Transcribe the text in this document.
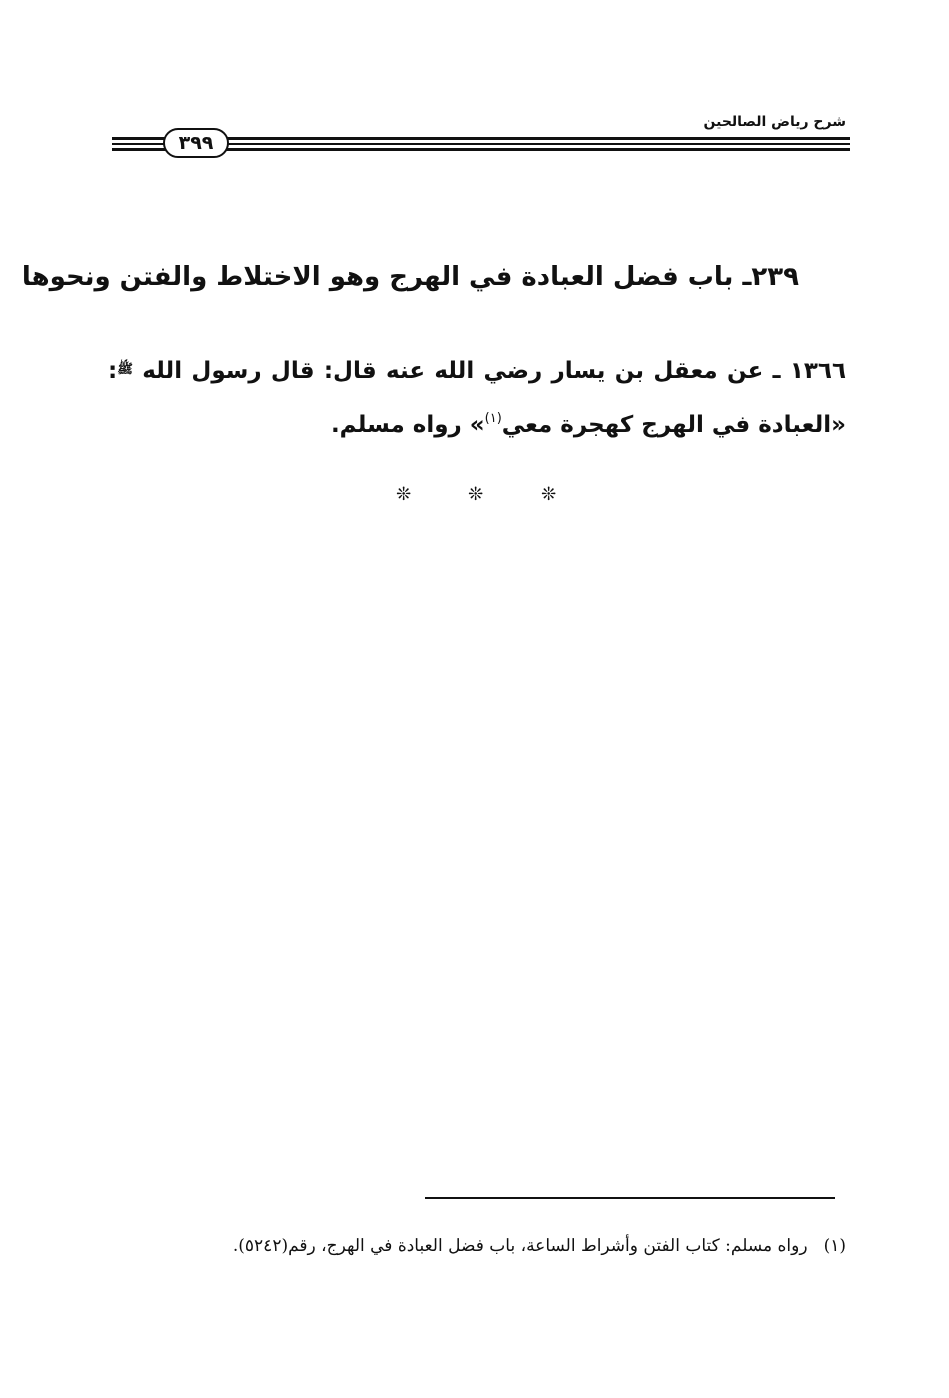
شرح رياض الصالحين
٣٩٩
٢٣٩ـ باب فضل العبادة في الهرج وهو الاختلاط والفتن ونحوها
١٣٦٦ ـ عن معقل بن يسار رضي الله عنه قال: قال رسول الله $^ﷺ$: «العبادة في الهرج كهجرة معي$^{(١)}$» رواه مسلم.
❊	❊	❊
(١)رواه مسلم: كتاب الفتن وأشراط الساعة، باب فضل العبادة في الهرج، رقم(٥٢٤٢).
